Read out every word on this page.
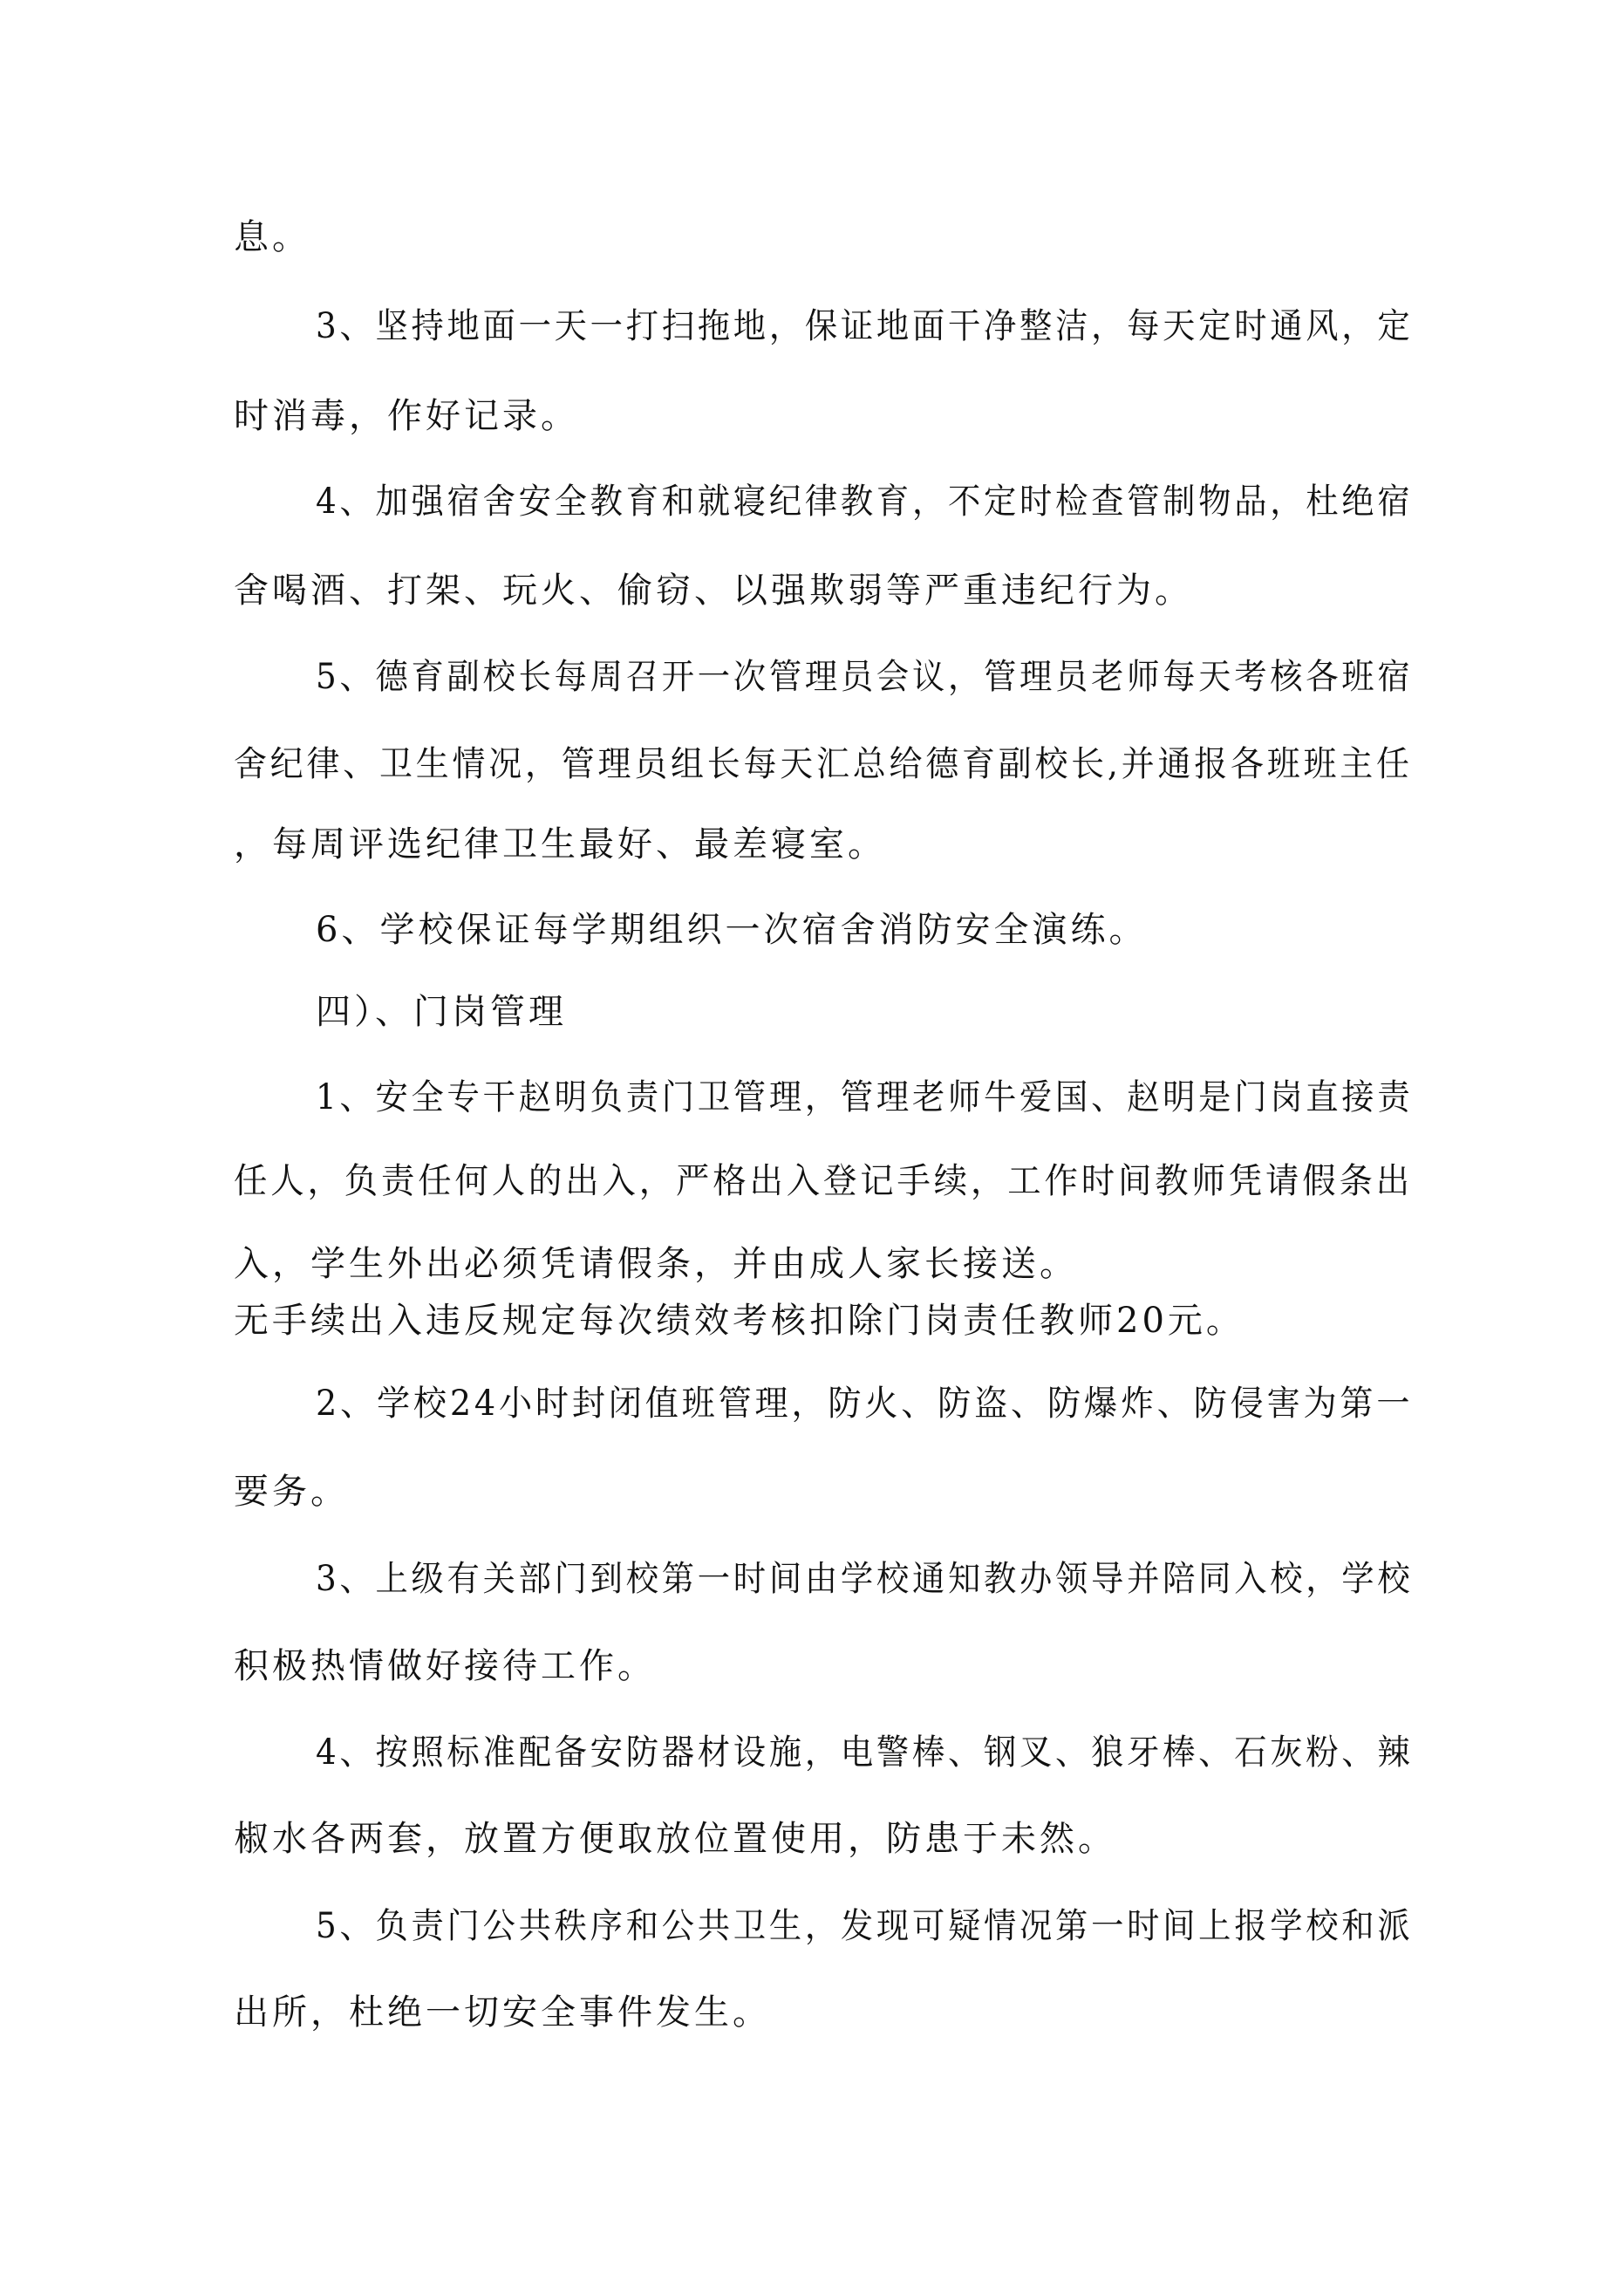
息。
3、坚持地面一天一打扫拖地，保证地面干净整洁，每天定时通风，定
时消毒，作好记录。
4、加强宿舍安全教育和就寝纪律教育，不定时检查管制物品，杜绝宿
舍喝酒、打架、玩火、偷窃、以强欺弱等严重违纪行为。
5、德育副校长每周召开一次管理员会议，管理员老师每天考核各班宿
舍纪律、卫生情况，管理员组长每天汇总给德育副校长,并通报各班班主任
，每周评选纪律卫生最好、最差寝室。
6、学校保证每学期组织一次宿舍消防安全演练。
四）、门岗管理
1、安全专干赵明负责门卫管理，管理老师牛爱国、赵明是门岗直接责
任人，负责任何人的出入，严格出入登记手续，工作时间教师凭请假条出
入，学生外出必须凭请假条，并由成人家长接送。
无手续出入违反规定每次绩效考核扣除门岗责任教师20元。
2、学校24小时封闭值班管理，防火、防盗、防爆炸、防侵害为第一
要务。
3、上级有关部门到校第一时间由学校通知教办领导并陪同入校，学校
积极热情做好接待工作。
4、按照标准配备安防器材设施，电警棒、钢叉、狼牙棒、石灰粉、辣
椒水各两套，放置方便取放位置使用，防患于未然。
5、负责门公共秩序和公共卫生，发现可疑情况第一时间上报学校和派
出所，杜绝一切安全事件发生。
